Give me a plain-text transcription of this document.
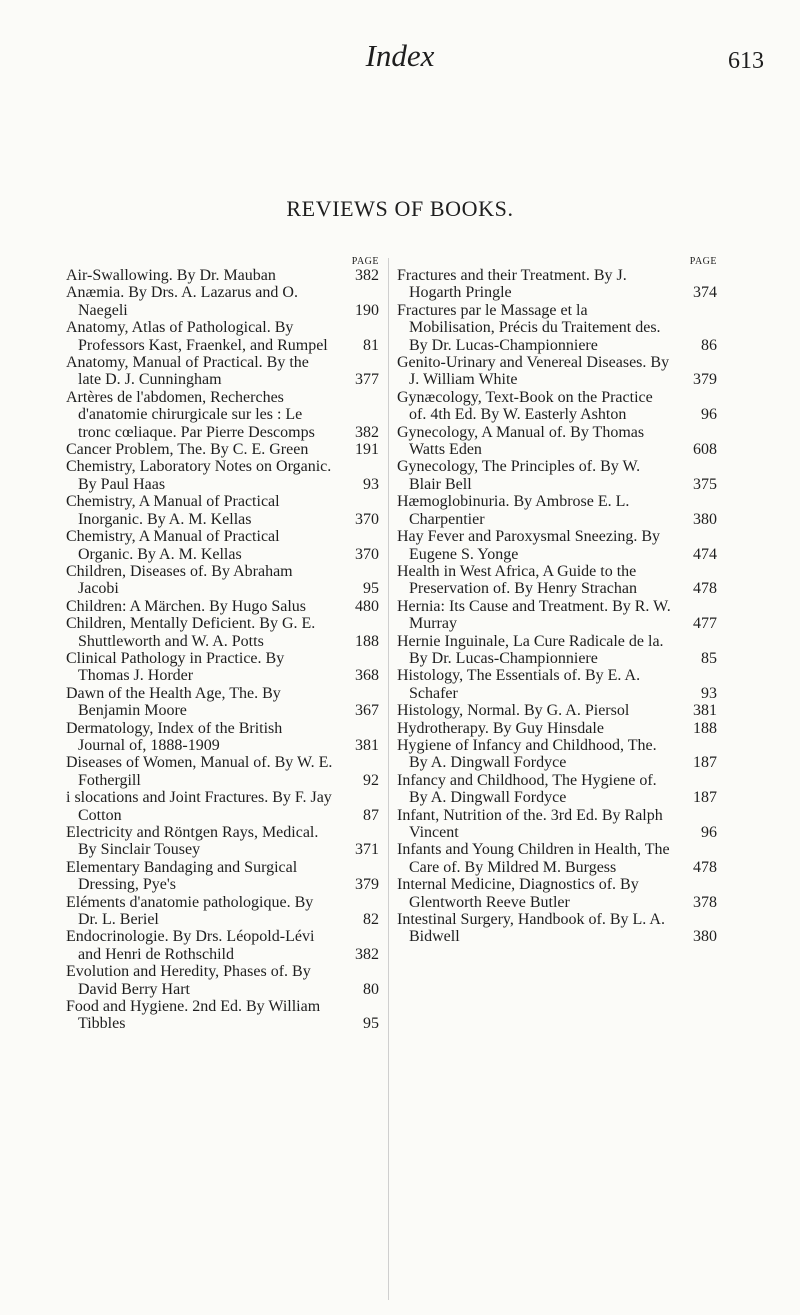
Index	613
REVIEWS OF BOOKS.
PAGE
Air-Swallowing. By Dr. Mauban	382
Anæmia. By Drs. A. Lazarus and O. Naegeli	190
Anatomy, Atlas of Pathological. By Professors Kast, Fraenkel, and Rumpel 81
Anatomy, Manual of Practical. By the late D. J. Cunningham	377
Artères de l'abdomen, Recherches d'anatomie chirurgicale sur les : Le tronc cœliaque. Par Pierre Descomps	382
Cancer Problem, The. By C. E. Green	191
Chemistry, Laboratory Notes on Organic. By Paul Haas	93
Chemistry, A Manual of Practical Inorganic. By A. M. Kellas	370
Chemistry, A Manual of Practical Organic. By A. M. Kellas	370
Children, Diseases of. By Abraham Jacobi	95
Children: A Märchen. By Hugo Salus	480
Children, Mentally Deficient. By G. E. Shuttleworth and W. A. Potts	188
Clinical Pathology in Practice. By Thomas J. Horder	368
Dawn of the Health Age, The. By Benjamin Moore	367
Dermatology, Index of the British Journal of, 1888-1909	381
Diseases of Women, Manual of. By W. E. Fothergill	92
i slocations and Joint Fractures. By F. Jay Cotton	87
Electricity and Röntgen Rays, Medical. By Sinclair Tousey	371
Elementary Bandaging and Surgical Dressing, Pye's	379
Eléments d'anatomie pathologique. By Dr. L. Beriel	82
Endocrinologie. By Drs. Léopold-Lévi and Henri de Rothschild	382
Evolution and Heredity, Phases of. By David Berry Hart	80
Food and Hygiene. 2nd Ed. By William Tibbles	95
PAGE
Fractures and their Treatment. By J. Hogarth Pringle	374
Fractures par le Massage et la Mobilisation, Précis du Traitement des. By Dr. Lucas-Championniere	86
Genito-Urinary and Venereal Diseases. By J. William White	379
Gynæcology, Text-Book on the Practice of. 4th Ed. By W. Easterly Ashton	96
Gynecology, A Manual of. By Thomas Watts Eden	608
Gynecology, The Principles of. By W. Blair Bell	375
Hæmoglobinuria. By Ambrose E. L. Charpentier	380
Hay Fever and Paroxysmal Sneezing. By Eugene S. Yonge	474
Health in West Africa, A Guide to the Preservation of. By Henry Strachan	478
Hernia: Its Cause and Treatment. By R. W. Murray	477
Hernie Inguinale, La Cure Radicale de la. By Dr. Lucas-Championniere	85
Histology, The Essentials of. By E. A. Schafer	93
Histology, Normal. By G. A. Piersol	381
Hydrotherapy. By Guy Hinsdale	188
Hygiene of Infancy and Childhood, The. By A. Dingwall Fordyce	187
Infancy and Childhood, The Hygiene of. By A. Dingwall Fordyce	187
Infant, Nutrition of the. 3rd Ed. By Ralph Vincent	96
Infants and Young Children in Health, The Care of. By Mildred M. Burgess	478
Internal Medicine, Diagnostics of. By Glentworth Reeve Butler	378
Intestinal Surgery, Handbook of. By L. A. Bidwell	380
